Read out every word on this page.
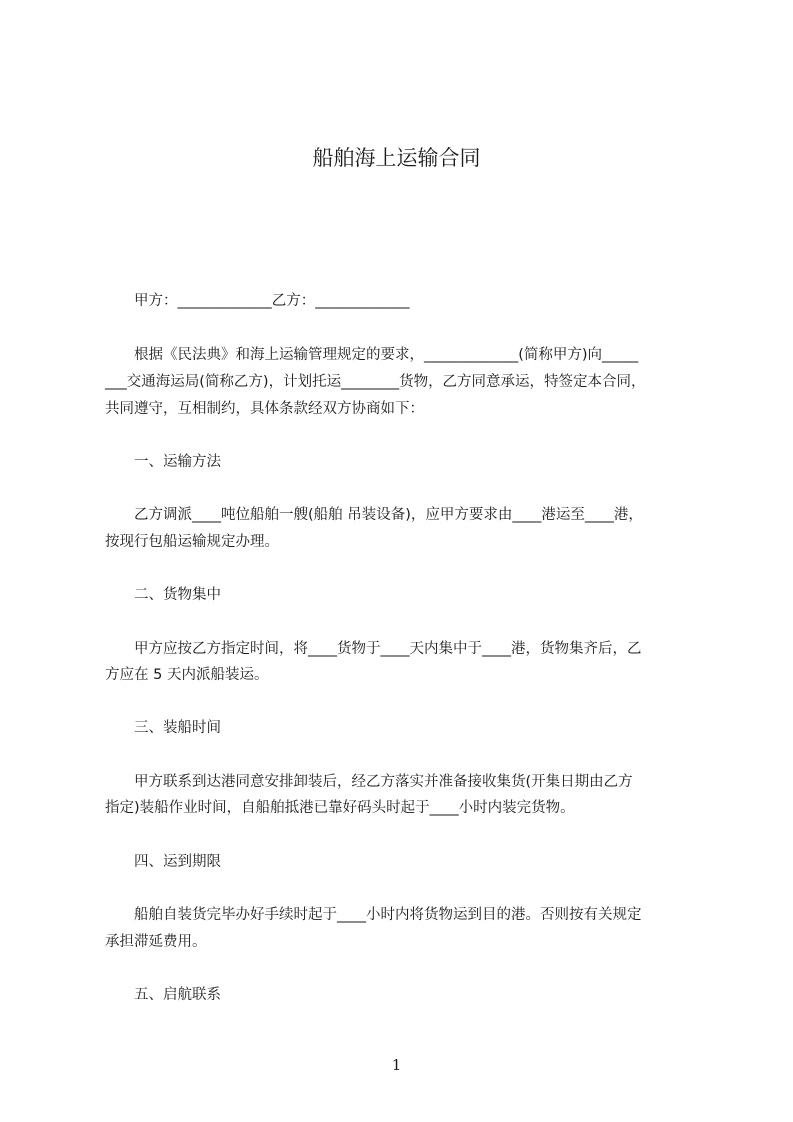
船舶海上运输合同
　　甲方：_____________乙方：_____________
　　根据《民法典》和海上运输管理规定的要求，_____________(简称甲方)向_____
___交通海运局(简称乙方)，计划托运________货物，乙方同意承运，特签定本合同，
共同遵守，互相制约，具体条款经双方协商如下：
　　一、运输方法
　　乙方调派____吨位船舶一艘(船舶 吊装设备)，应甲方要求由____港运至____港，
按现行包船运输规定办理。
　　二、货物集中
　　甲方应按乙方指定时间，将____货物于____天内集中于____港，货物集齐后，乙
方应在 5 天内派船装运。
　　三、装船时间
　　甲方联系到达港同意安排卸装后，经乙方落实并准备接收集货(开集日期由乙方
指定)装船作业时间，自船舶抵港已靠好码头时起于____小时内装完货物。
　　四、运到期限
　　船舶自装货完毕办好手续时起于____小时内将货物运到目的港。否则按有关规定
承担滞延费用。
　　五、启航联系
1
